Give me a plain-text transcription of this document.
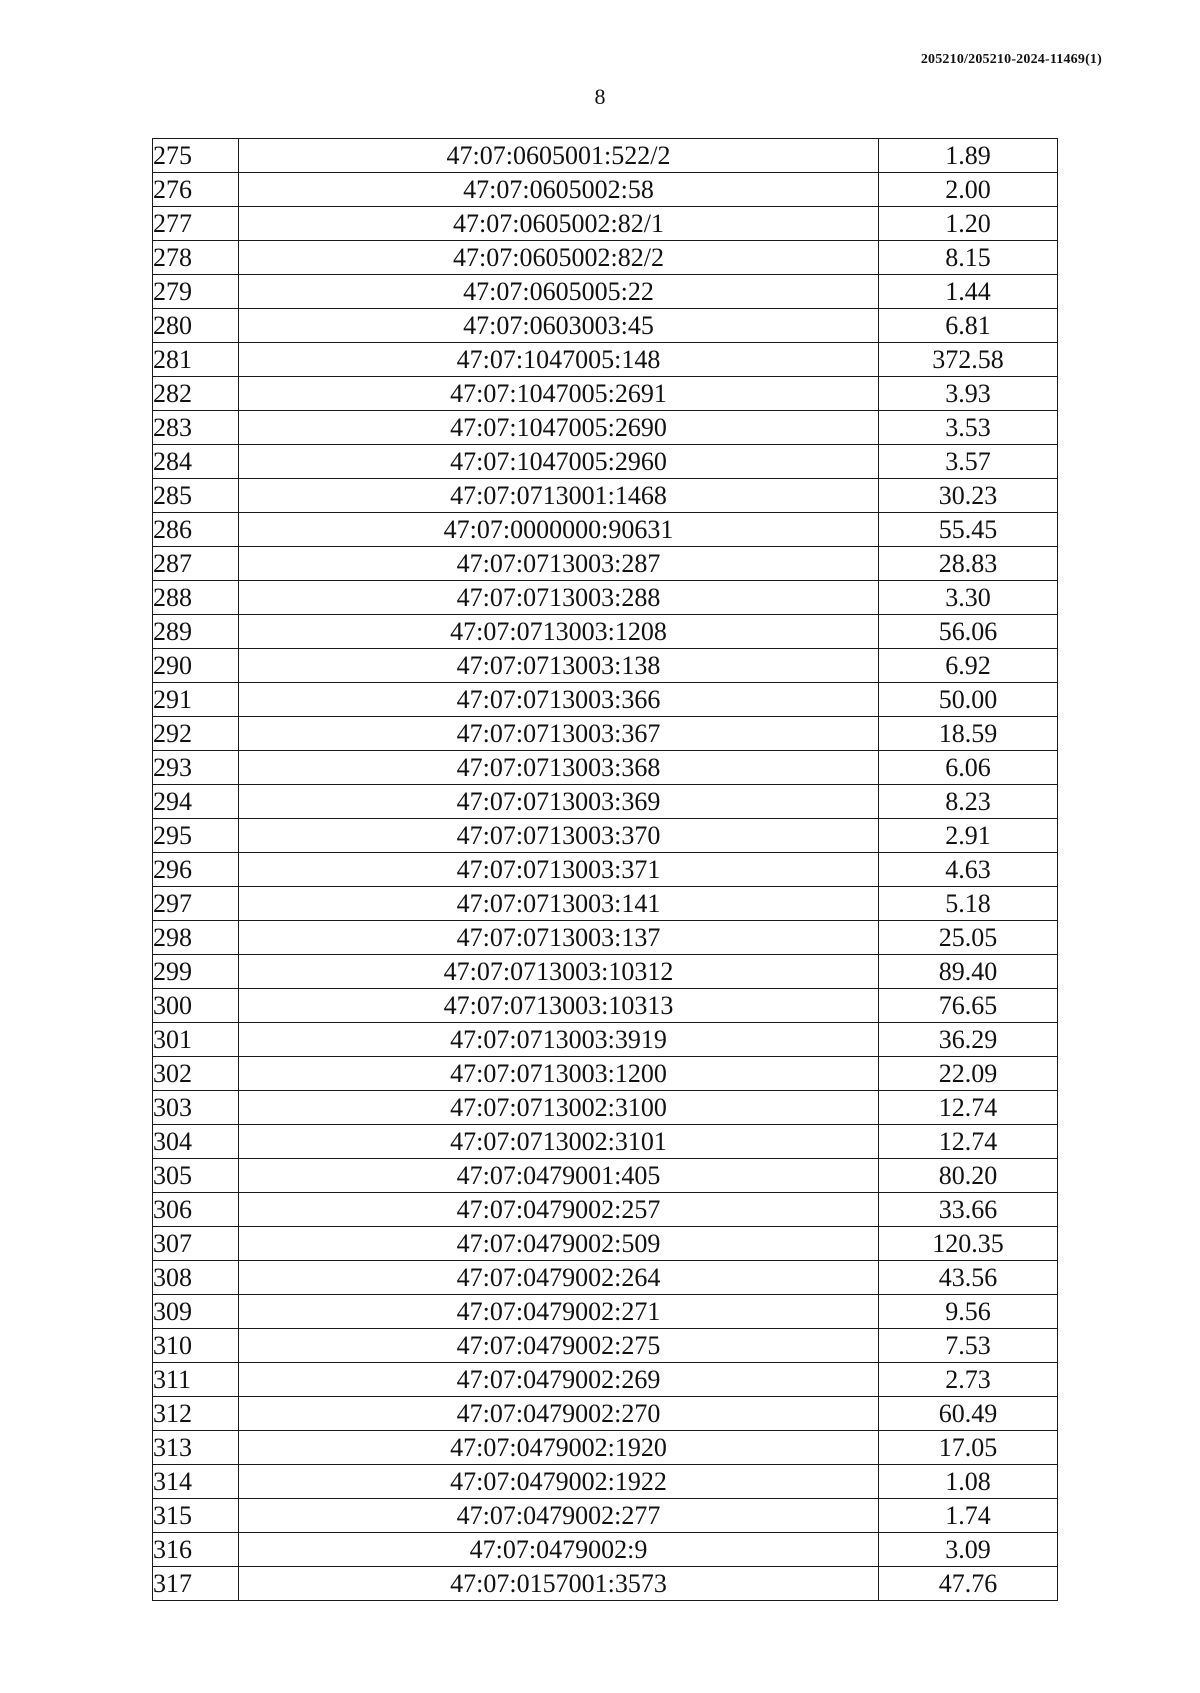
205210/205210-2024-11469(1)
8
275	47:07:0605001:522/2	1.89
276	47:07:0605002:58	2.00
277	47:07:0605002:82/1	1.20
278	47:07:0605002:82/2	8.15
279	47:07:0605005:22	1.44
280	47:07:0603003:45	6.81
281	47:07:1047005:148	372.58
282	47:07:1047005:2691	3.93
283	47:07:1047005:2690	3.53
284	47:07:1047005:2960	3.57
285	47:07:0713001:1468	30.23
286	47:07:0000000:90631	55.45
287	47:07:0713003:287	28.83
288	47:07:0713003:288	3.30
289	47:07:0713003:1208	56.06
290	47:07:0713003:138	6.92
291	47:07:0713003:366	50.00
292	47:07:0713003:367	18.59
293	47:07:0713003:368	6.06
294	47:07:0713003:369	8.23
295	47:07:0713003:370	2.91
296	47:07:0713003:371	4.63
297	47:07:0713003:141	5.18
298	47:07:0713003:137	25.05
299	47:07:0713003:10312	89.40
300	47:07:0713003:10313	76.65
301	47:07:0713003:3919	36.29
302	47:07:0713003:1200	22.09
303	47:07:0713002:3100	12.74
304	47:07:0713002:3101	12.74
305	47:07:0479001:405	80.20
306	47:07:0479002:257	33.66
307	47:07:0479002:509	120.35
308	47:07:0479002:264	43.56
309	47:07:0479002:271	9.56
310	47:07:0479002:275	7.53
311	47:07:0479002:269	2.73
312	47:07:0479002:270	60.49
313	47:07:0479002:1920	17.05
314	47:07:0479002:1922	1.08
315	47:07:0479002:277	1.74
316	47:07:0479002:9	3.09
317	47:07:0157001:3573	47.76
